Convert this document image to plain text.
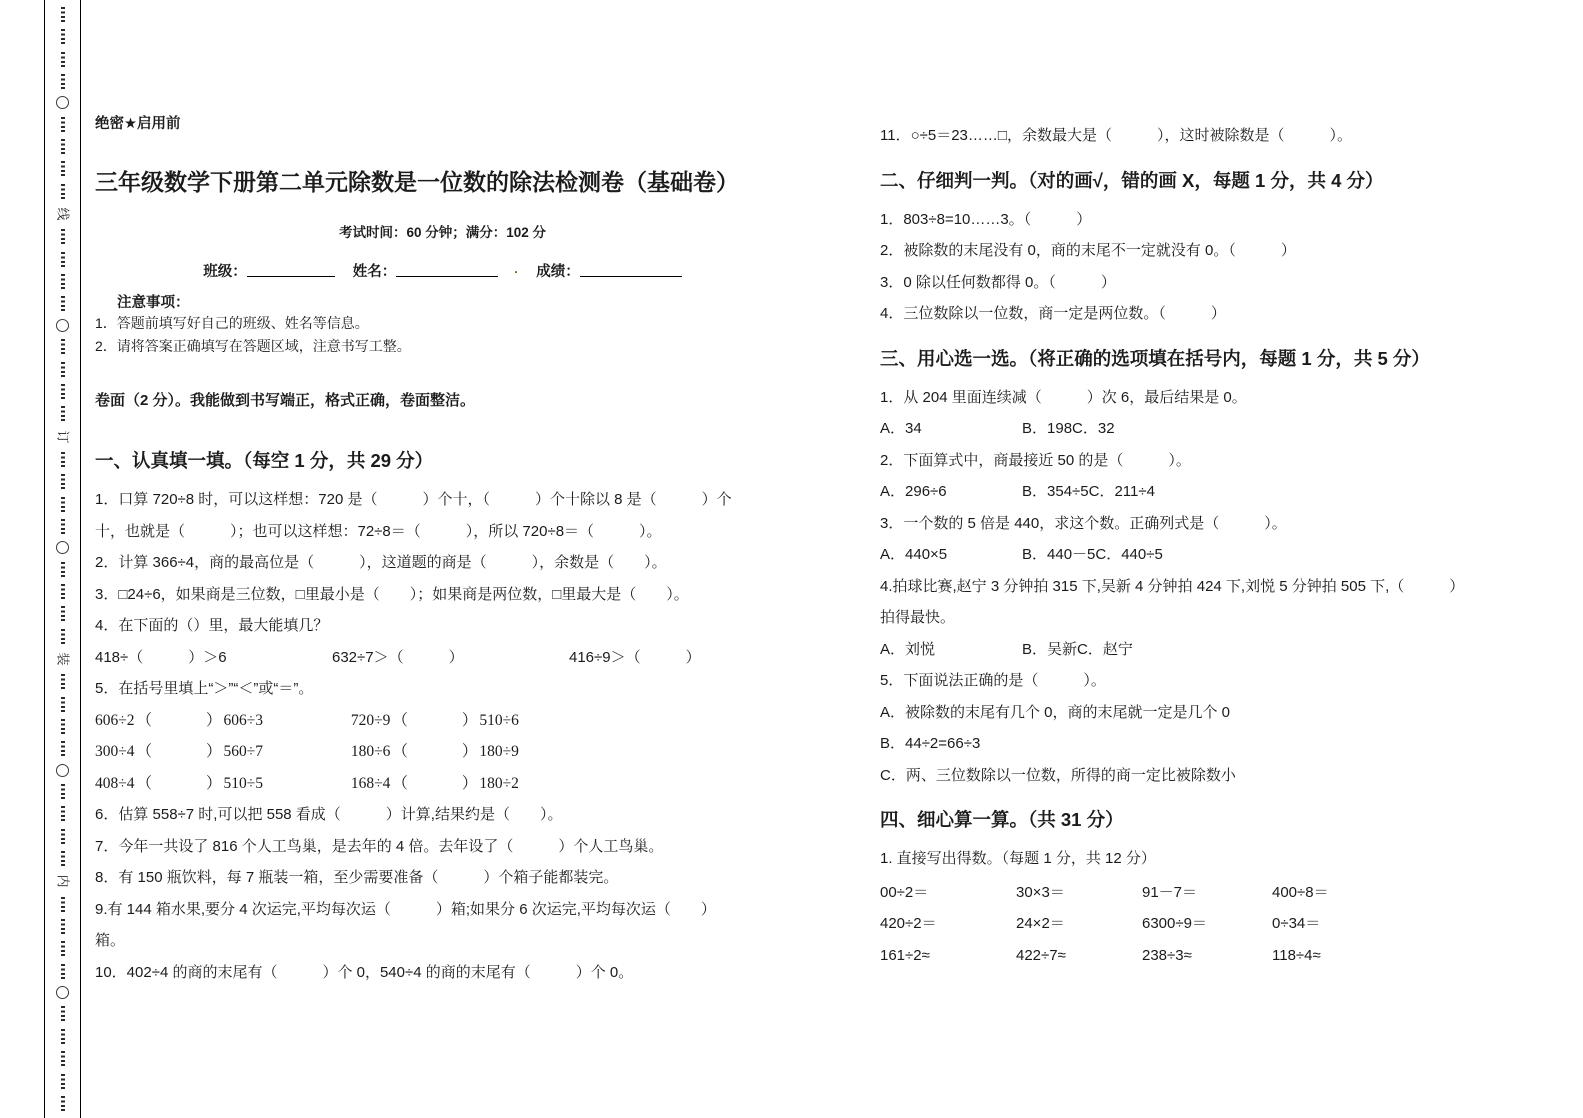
线
订
装
内
绝密★启用前
三年级数学下册第二单元除数是一位数的除法检测卷（基础卷）
考试时间：60 分钟；满分：102 分
班级：	姓名：	· 成绩：
注意事项：
1．答题前填写好自己的班级、姓名等信息。
2．请将答案正确填写在答题区域，注意书写工整。
卷面（2 分）。我能做到书写端正，格式正确，卷面整洁。
一、认真填一填。（每空 1 分，共 29 分）
1．口算 720÷8 时，可以这样想：720 是（　　　）个十，（　　　）个十除以 8 是（　　　）个
十，也就是（　　　）；也可以这样想：72÷8＝（　　　），所以 720÷8＝（　　　）。
2．计算 366÷4，商的最高位是（　　　），这道题的商是（　　　），余数是（　　）。
3．□24÷6，如果商是三位数，□里最小是（　　）；如果商是两位数，□里最大是（　　）。
4．在下面的（）里，最大能填几？
418÷（　　　）＞6	632÷7＞（　　　）	416÷9＞（　　　）
5．在括号里填上“＞”“＜”或“＝”。
606÷2 （	） 606÷3	720÷9 （	） 510÷6
300÷4 （	） 560÷7	180÷6 （	） 180÷9
408÷4 （	） 510÷5	168÷4 （	） 180÷2
6．估算 558÷7 时,可以把 558 看成（　　　）计算,结果约是（　　）。
7．今年一共设了 816 个人工鸟巢，是去年的 4 倍。去年设了（　　　）个人工鸟巢。
8．有 150 瓶饮料，每 7 瓶装一箱，至少需要准备（　　　）个箱子能都装完。
9.有 144 箱水果,要分 4 次运完,平均每次运（　　　）箱;如果分 6 次运完,平均每次运（　　）
箱。
10．402÷4 的商的末尾有（　　　）个 0，540÷4 的商的末尾有（　　　）个 0。
11．○÷5＝23……□，余数最大是（　　　），这时被除数是（　　　）。
二、仔细判一判。（对的画√，错的画 X，每题 1 分，共 4 分）
1．803÷8=10……3。（　　　）
2．被除数的末尾没有 0，商的末尾不一定就没有 0。（　　　）
3．0 除以任何数都得 0。（　　　）
4．三位数除以一位数，商一定是两位数。（　　　）
三、用心选一选。（将正确的选项填在括号内，每题 1 分，共 5 分）
1．从 204 里面连续减（　　　）次 6，最后结果是 0。
A．34	B．198 C．32
2．下面算式中，商最接近 50 的是（　　　）。
A．296÷6	B．354÷5 C．211÷4
3．一个数的 5 倍是 440，求这个数。正确列式是（　　　）。
A．440×5	B．440－5 C．440÷5
4.拍球比赛,赵宁 3 分钟拍 315 下,吴新 4 分钟拍 424 下,刘悦 5 分钟拍 505 下,（　　　）
拍得最快。
A．刘悦	B．吴新 C．赵宁
5．下面说法正确的是（　　　）。
A．被除数的末尾有几个 0，商的末尾就一定是几个 0
B．44÷2=66÷3
C．两、三位数除以一位数，所得的商一定比被除数小
四、细心算一算。（共 31 分）
1. 直接写出得数。（每题 1 分，共 12 分）
00÷2＝	30×3＝	91－7＝	400÷8＝
420÷2＝	24×2＝	6300÷9＝	0÷34＝
161÷2≈	422÷7≈	238÷3≈	118÷4≈
